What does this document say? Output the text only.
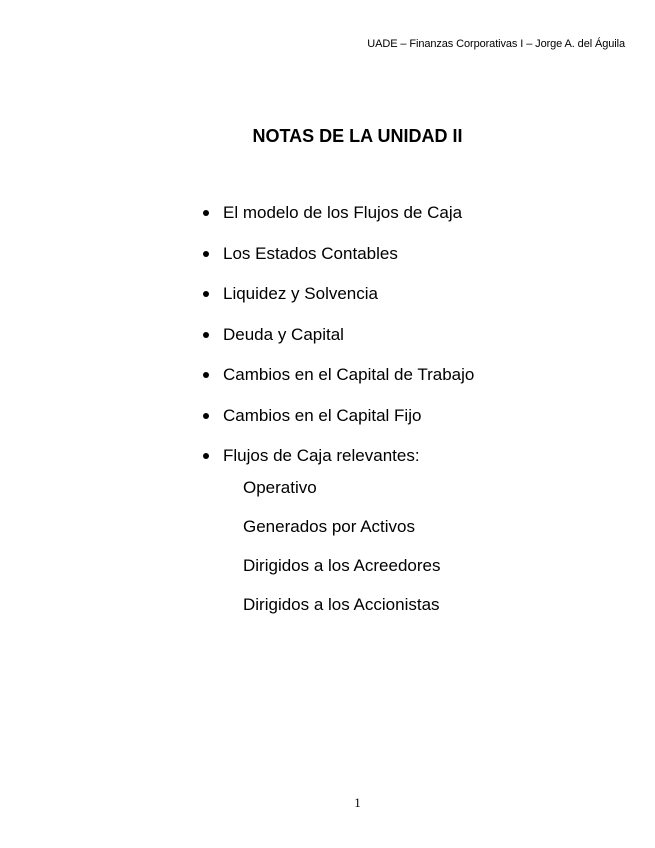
UADE – Finanzas Corporativas I – Jorge A. del Águila
NOTAS DE LA UNIDAD II
El modelo de los Flujos de Caja
Los Estados Contables
Liquidez y Solvencia
Deuda y Capital
Cambios en el Capital de Trabajo
Cambios en el Capital Fijo
Flujos de Caja relevantes:
Operativo
Generados por Activos
Dirigidos a los Acreedores
Dirigidos a los Accionistas
1
